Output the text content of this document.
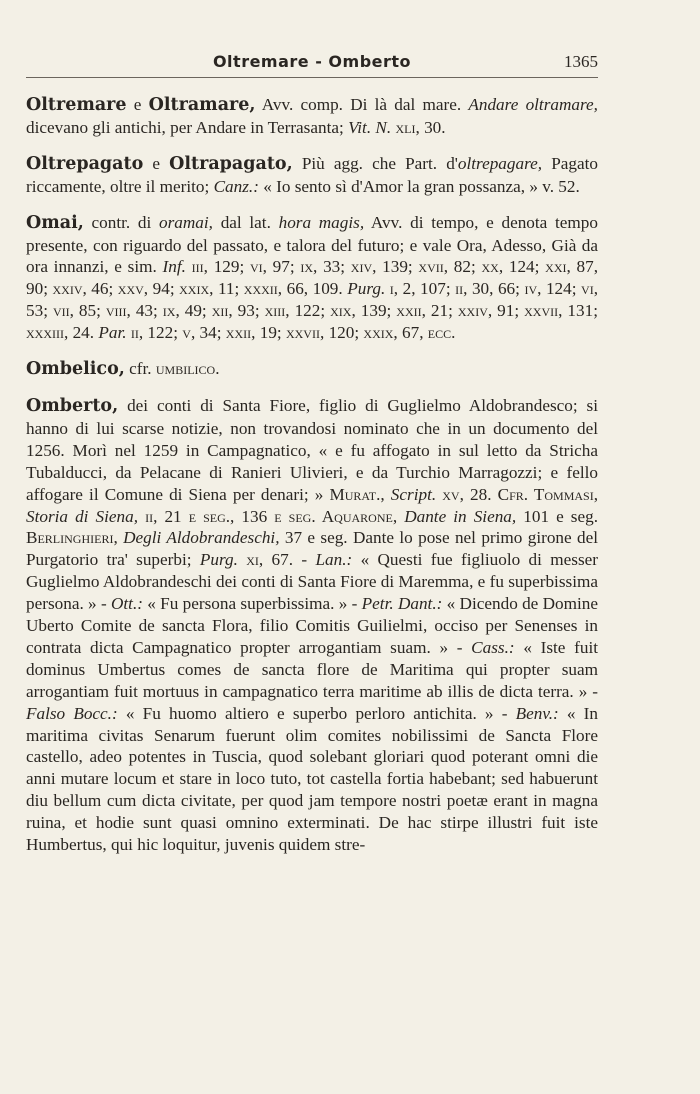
Oltremare - Omberto	1365

Oltremare e Oltramare, Avv. comp. Di là dal mare. Andare oltramare, dicevano gli antichi, per Andare in Terrasanta; Vit. N. xli, 30.

Oltrepagato e Oltrapagato, Più agg. che Part. d'oltrepagare, Pagato riccamente, oltre il merito; Canz.: « Io sento sì d'Amor la gran possanza, » v. 52.

Omai, contr. di oramai, dal lat. hora magis, Avv. di tempo, e denota tempo presente, con riguardo del passato, e talora del futuro; e vale Ora, Adesso, Già da ora innanzi, e sim. Inf. iii, 129; vi, 97; ix, 33; xiv, 139; xvii, 82; xx, 124; xxi, 87, 90; xxiv, 46; xxv, 94; xxix, 11; xxxii, 66, 109. Purg. i, 2, 107; ii, 30, 66; iv, 124; vi, 53; vii, 85; viii, 43; ix, 49; xii, 93; xiii, 122; xix, 139; xxii, 21; xxiv, 91; xxvii, 131; xxxiii, 24. Par. ii, 122; v, 34; xxii, 19; xxvii, 120; xxix, 67, ecc.

Ombelico, cfr. umbilico.

Omberto, dei conti di Santa Fiore, figlio di Guglielmo Aldobrandesco; si hanno di lui scarse notizie, non trovandosi nominato che in un documento del 1256. Morì nel 1259 in Campagnatico, « e fu affogato in sul letto da Stricha Tubalducci, da Pelacane di Ranieri Ulivieri, e da Turchio Marragozzi; e fello affogare il Comune di Siena per denari; » Murat., Script. xv, 28. Cfr. Tommasi, Storia di Siena, ii, 21 e seg., 136 e seg. Aquarone, Dante in Siena, 101 e seg. Berlinghieri, Degli Aldobrandeschi, 37 e seg. Dante lo pose nel primo girone del Purgatorio tra' superbi; Purg. xi, 67. - Lan.: « Questi fue figliuolo di messer Guglielmo Aldobrandeschi dei conti di Santa Fiore di Maremma, e fu superbissima persona. » - Ott.: « Fu persona superbissima. » - Petr. Dant.: « Dicendo de Domine Uberto Comite de sancta Flora, filio Comitis Guilielmi, occiso per Senenses in contrata dicta Campagnatico propter arrogantiam suam. » - Cass.: « Iste fuit dominus Umbertus comes de sancta flore de Maritima qui propter suam arrogantiam fuit mortuus in campagnatico terra maritime ab illis de dicta terra. » - Falso Bocc.: « Fu huomo altiero e superbo perloro antichita. » - Benv.: « In maritima civitas Senarum fuerunt olim comites nobilissimi de Sancta Flore castello, adeo potentes in Tuscia, quod solebant gloriari quod poterant omni die anni mutare locum et stare in loco tuto, tot castella fortia habebant; sed habuerunt diu bellum cum dicta civitate, per quod jam tempore nostri poetæ erant in magna ruina, et hodie sunt quasi omnino exterminati. De hac stirpe illustri fuit iste Humbertus, qui hic loquitur, juvenis quidem stre-
